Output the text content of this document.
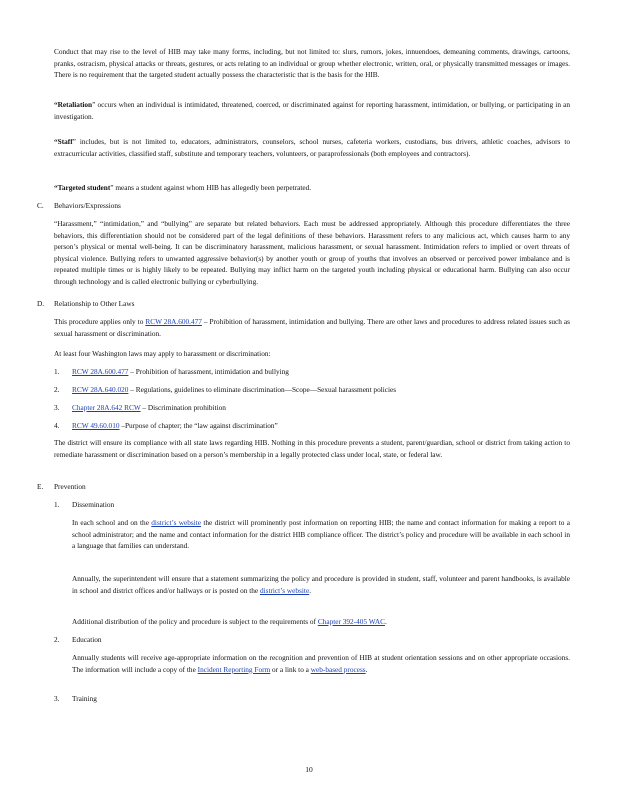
Conduct that may rise to the level of HIB may take many forms, including, but not limited to: slurs, rumors, jokes, innuendoes, demeaning comments, drawings, cartoons, pranks, ostracism, physical attacks or threats, gestures, or acts relating to an individual or group whether electronic, written, oral, or physically transmitted messages or images. There is no requirement that the targeted student actually possess the characteristic that is the basis for the HIB.

“Retaliation” occurs when an individual is intimidated, threatened, coerced, or discriminated against for reporting harassment, intimidation, or bullying, or participating in an investigation.

“Staff” includes, but is not limited to, educators, administrators, counselors, school nurses, cafeteria workers, custodians, bus drivers, athletic coaches, advisors to extracurricular activities, classified staff, substitute and temporary teachers, volunteers, or paraprofessionals (both employees and contractors).

“Targeted student” means a student against whom HIB has allegedly been perpetrated.

C. Behaviors/Expressions

“Harassment,” “intimidation,” and “bullying” are separate but related behaviors. Each must be addressed appropriately. Although this procedure differentiates the three behaviors, this differentiation should not be considered part of the legal definitions of these behaviors. Harassment refers to any malicious act, which causes harm to any person’s physical or mental well-being. It can be discriminatory harassment, malicious harassment, or sexual harassment. Intimidation refers to implied or overt threats of physical violence. Bullying refers to unwanted aggressive behavior(s) by another youth or group of youths that involves an observed or perceived power imbalance and is repeated multiple times or is highly likely to be repeated. Bullying may inflict harm on the targeted youth including physical or educational harm. Bullying can also occur through technology and is called electronic bullying or cyberbullying.

D. Relationship to Other Laws

This procedure applies only to RCW 28A.600.477 – Prohibition of harassment, intimidation and bullying. There are other laws and procedures to address related issues such as sexual harassment or discrimination.

At least four Washington laws may apply to harassment or discrimination:

1. RCW 28A.600.477 – Prohibition of harassment, intimidation and bullying

2. RCW 28A.640.020 – Regulations, guidelines to eliminate discrimination—Scope—Sexual harassment policies

3. Chapter 28A.642 RCW – Discrimination prohibition

4. RCW 49.60.010 –Purpose of chapter; the “law against discrimination”

The district will ensure its compliance with all state laws regarding HIB. Nothing in this procedure prevents a student, parent/guardian, school or district from taking action to remediate harassment or discrimination based on a person’s membership in a legally protected class under local, state, or federal law.

E. Prevention
1. Dissemination

In each school and on the district’s website the district will prominently post information on reporting HIB; the name and contact information for making a report to a school administrator; and the name and contact information for the district HIB compliance officer. The district’s policy and procedure will be available in each school in a language that families can understand.

Annually, the superintendent will ensure that a statement summarizing the policy and procedure is provided in student, staff, volunteer and parent handbooks, is available in school and district offices and/or hallways or is posted on the district’s website.

Additional distribution of the policy and procedure is subject to the requirements of Chapter 392-405 WAC.

2. Education

Annually students will receive age-appropriate information on the recognition and prevention of HIB at student orientation sessions and on other appropriate occasions. The information will include a copy of the Incident Reporting Form or a link to a web-based process.

3. Training
10
